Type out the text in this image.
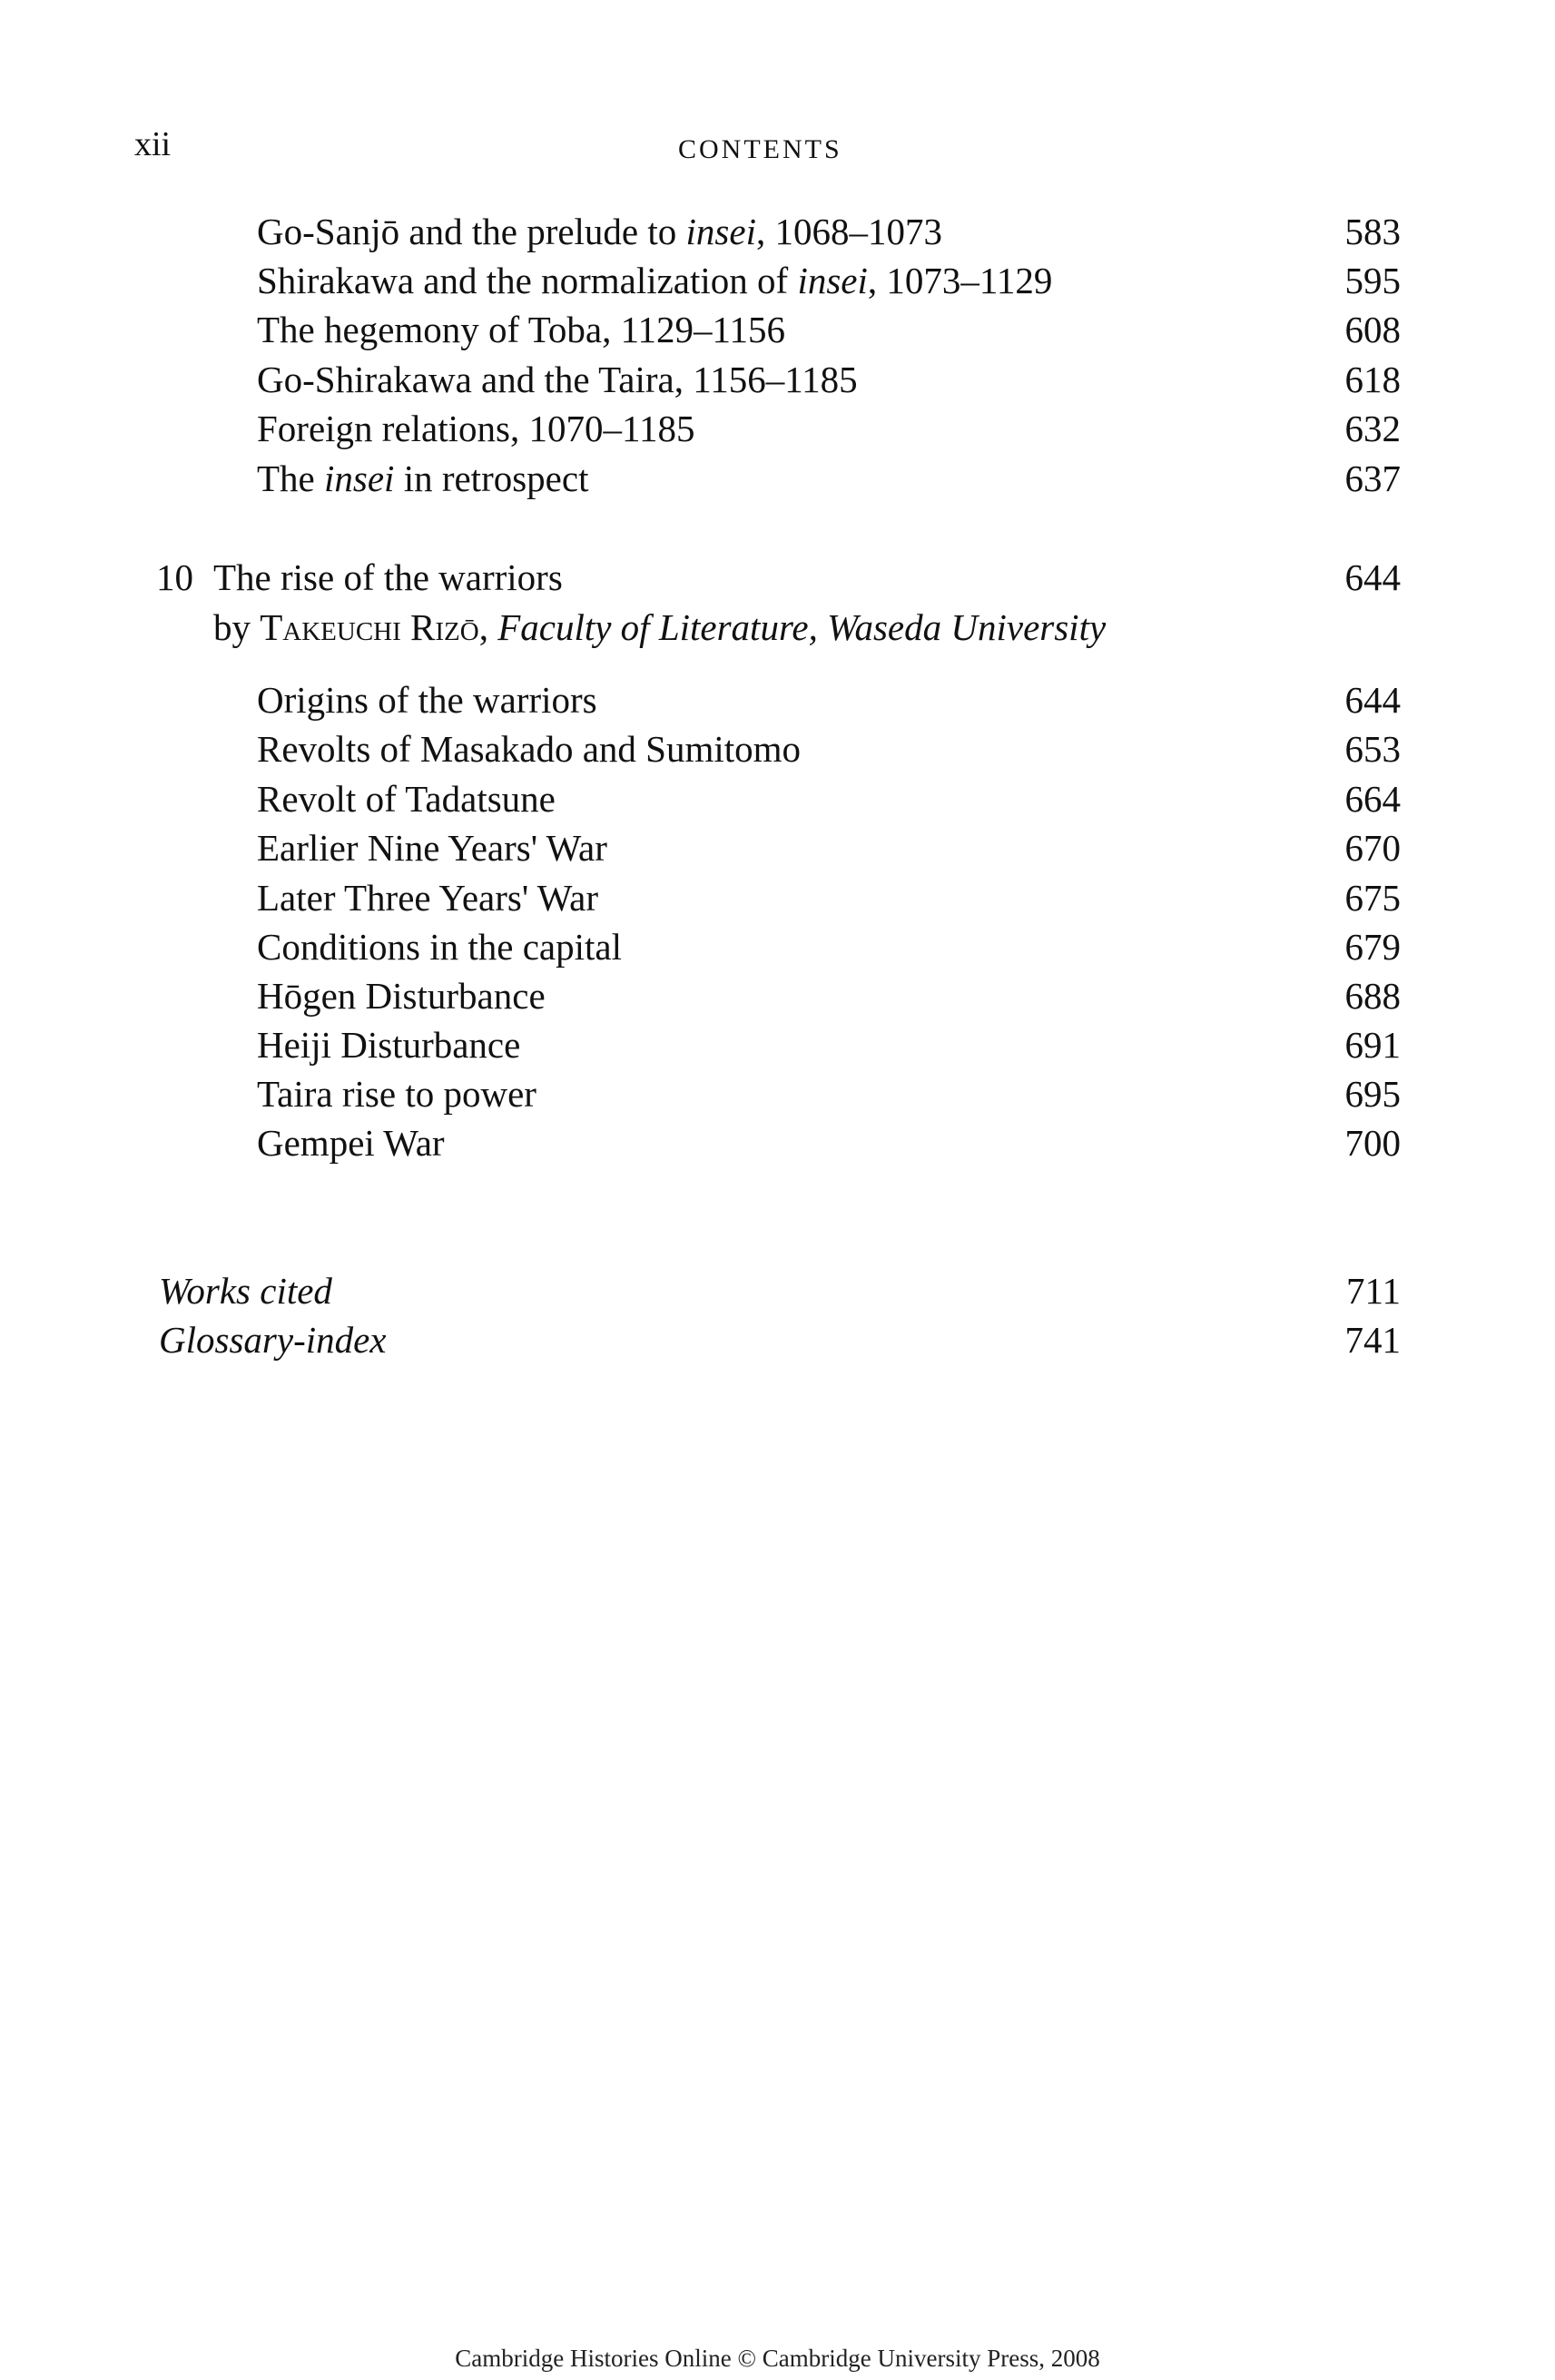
xii	CONTENTS
Go-Sanjō and the prelude to insei, 1068–1073	583
Shirakawa and the normalization of insei, 1073–1129	595
The hegemony of Toba, 1129–1156	608
Go-Shirakawa and the Taira, 1156–1185	618
Foreign relations, 1070–1185	632
The insei in retrospect	637
10 The rise of the warriors	644
by Takeuchi Rizō, Faculty of Literature, Waseda University
Origins of the warriors	644
Revolts of Masakado and Sumitomo	653
Revolt of Tadatsune	664
Earlier Nine Years' War	670
Later Three Years' War	675
Conditions in the capital	679
Hōgen Disturbance	688
Heiji Disturbance	691
Taira rise to power	695
Gempei War	700
Works cited	711
Glossary-index	741
Cambridge Histories Online © Cambridge University Press, 2008
